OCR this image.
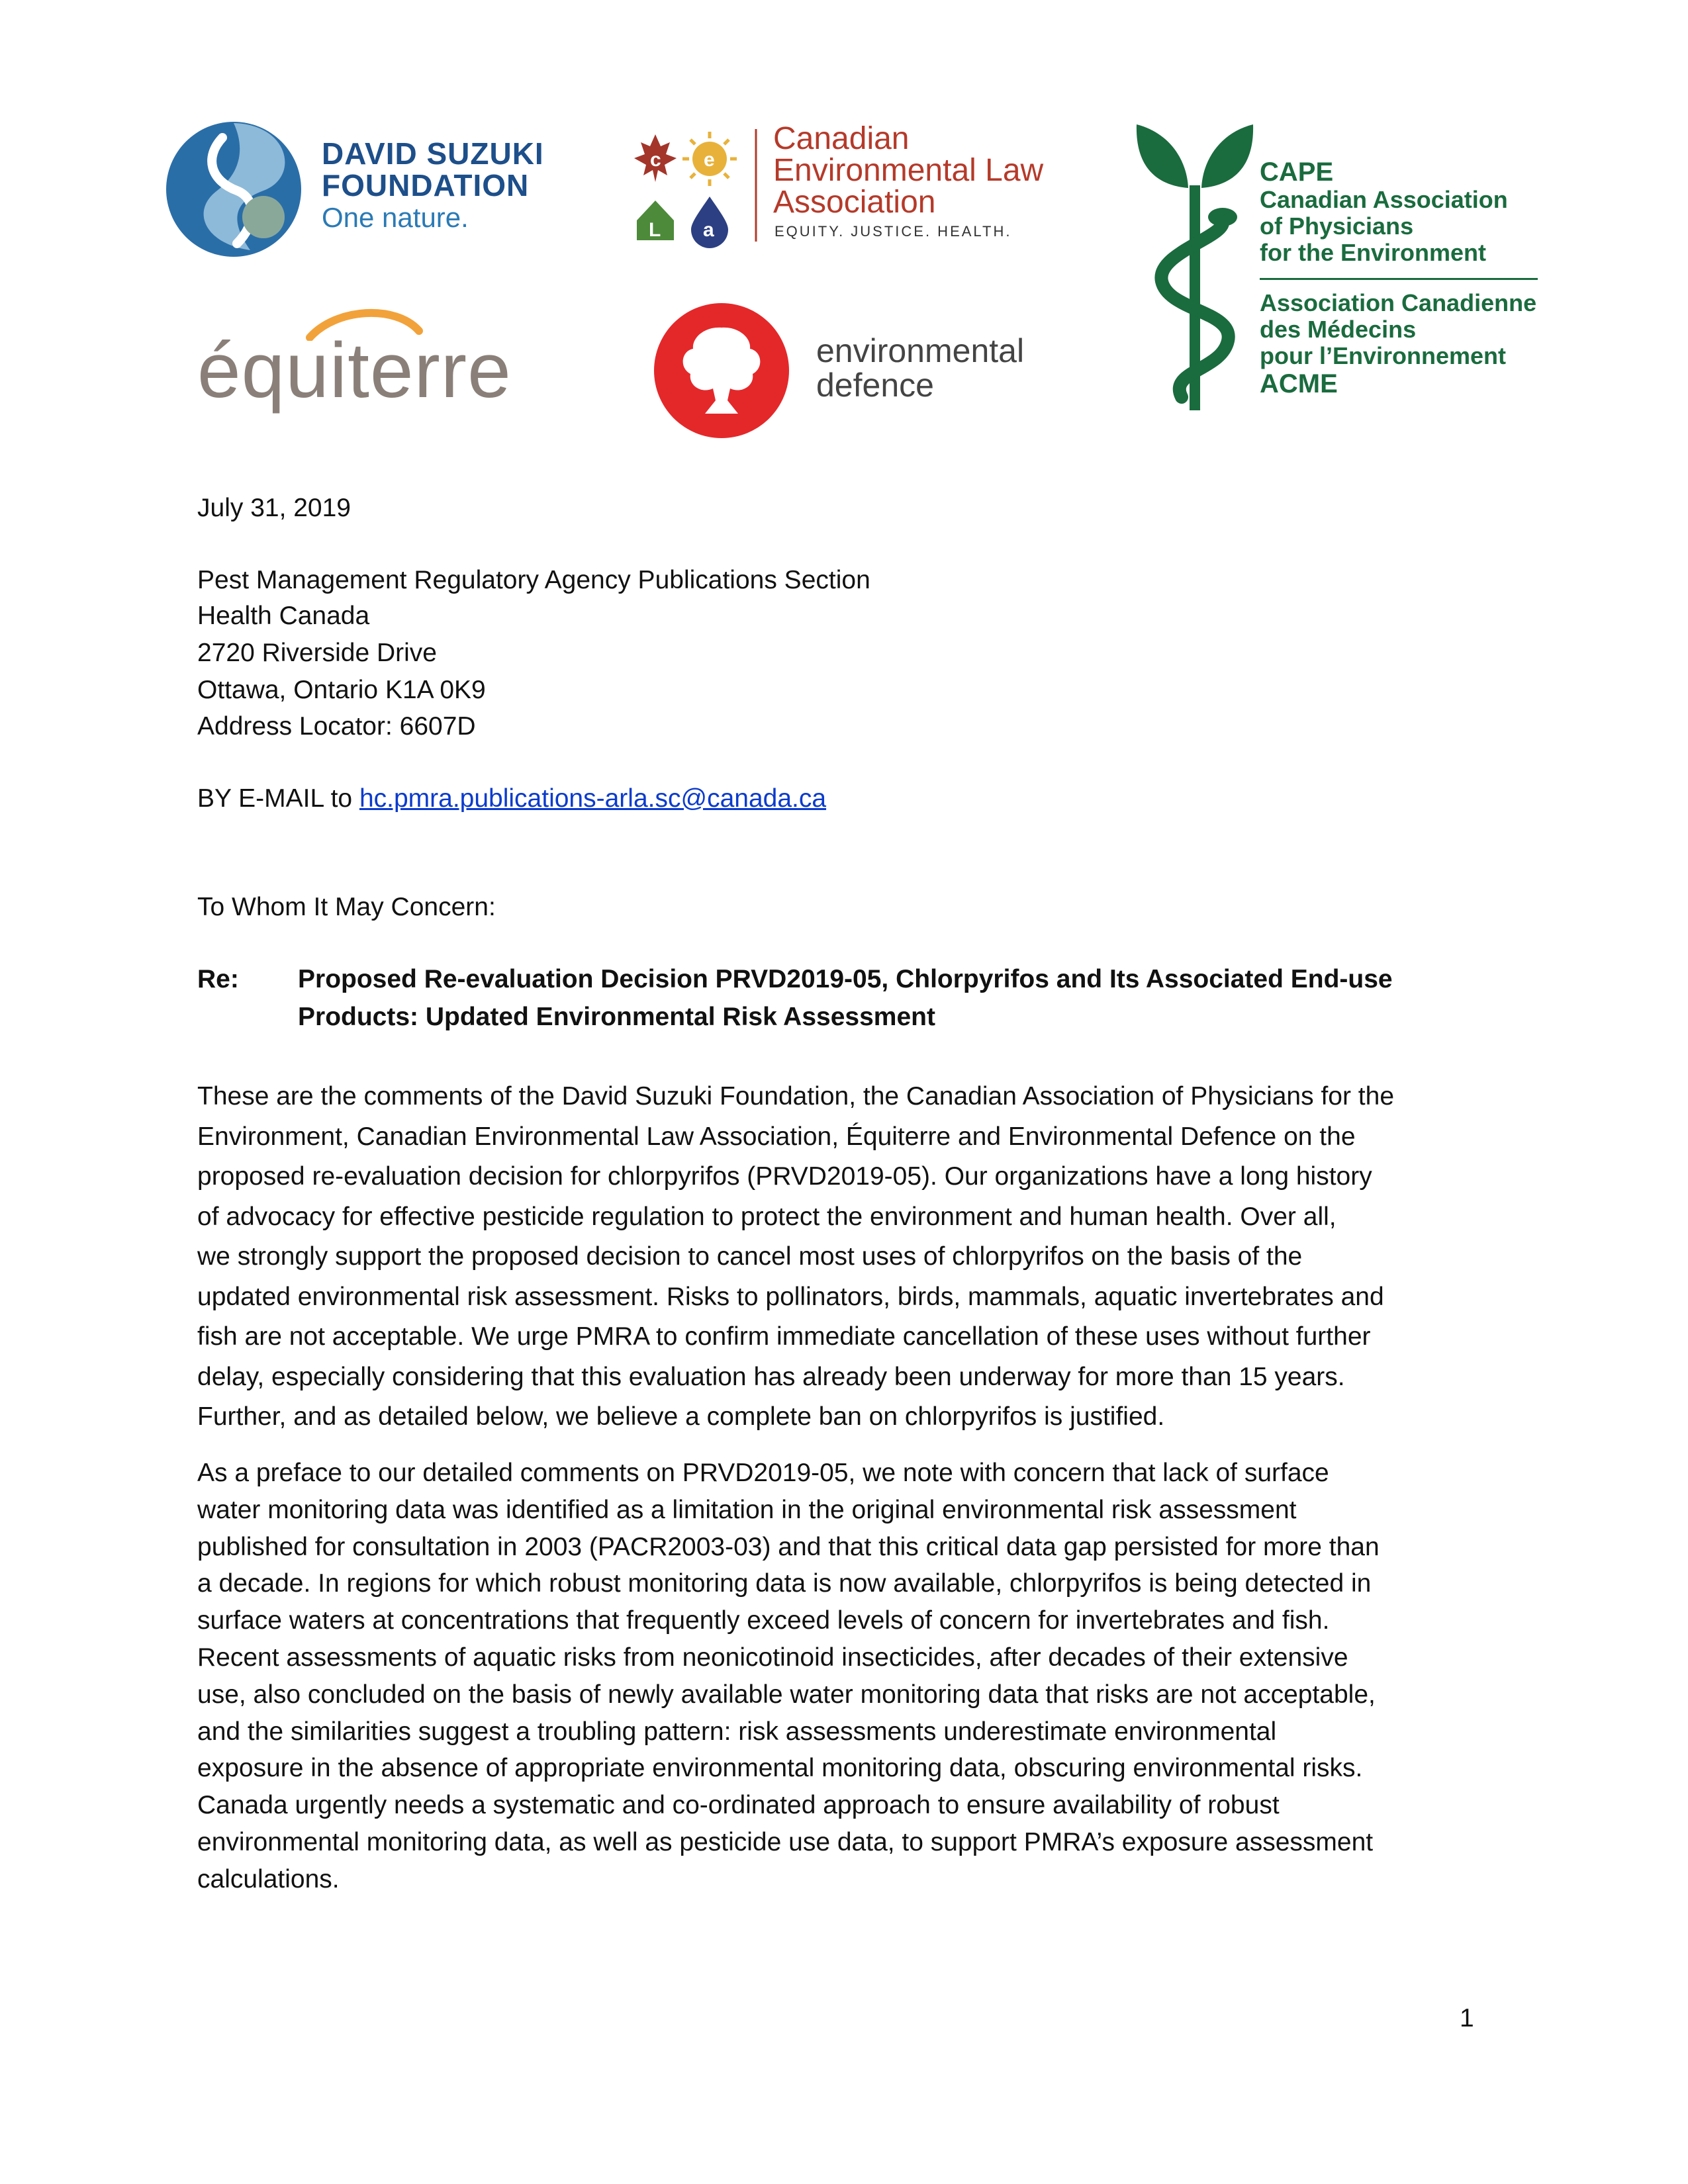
DAVID SUZUKI
FOUNDATION
One nature.
c e
L a
Canadian
Environmental Law
Association
EQUITY. JUSTICE. HEALTH.
CAPE
Canadian Association
of Physicians
for the Environment
Association Canadienne
des Médecins
pour l’Environnement
ACME
équiterre	environmental
defence
July 31, 2019
Pest Management Regulatory Agency Publications Section
Health Canada
2720 Riverside Drive
Ottawa, Ontario K1A 0K9
Address Locator: 6607D
BY E-MAIL to hc.pmra.publications-arla.sc@canada.ca
To Whom It May Concern:
Re: Proposed Re-evaluation Decision PRVD2019-05, Chlorpyrifos and Its Associated End-use
Products: Updated Environmental Risk Assessment
These are the comments of the David Suzuki Foundation, the Canadian Association of Physicians for the
Environment, Canadian Environmental Law Association, Équiterre and Environmental Defence on the
proposed re-evaluation decision for chlorpyrifos (PRVD2019-05). Our organizations have a long history
of advocacy for effective pesticide regulation to protect the environment and human health. Over all,
we strongly support the proposed decision to cancel most uses of chlorpyrifos on the basis of the
updated environmental risk assessment. Risks to pollinators, birds, mammals, aquatic invertebrates and
fish are not acceptable. We urge PMRA to confirm immediate cancellation of these uses without further
delay, especially considering that this evaluation has already been underway for more than 15 years.
Further, and as detailed below, we believe a complete ban on chlorpyrifos is justified.
As a preface to our detailed comments on PRVD2019-05, we note with concern that lack of surface
water monitoring data was identified as a limitation in the original environmental risk assessment
published for consultation in 2003 (PACR2003-03) and that this critical data gap persisted for more than
a decade. In regions for which robust monitoring data is now available, chlorpyrifos is being detected in
surface waters at concentrations that frequently exceed levels of concern for invertebrates and fish.
Recent assessments of aquatic risks from neonicotinoid insecticides, after decades of their extensive
use, also concluded on the basis of newly available water monitoring data that risks are not acceptable,
and the similarities suggest a troubling pattern: risk assessments underestimate environmental
exposure in the absence of appropriate environmental monitoring data, obscuring environmental risks.
Canada urgently needs a systematic and co-ordinated approach to ensure availability of robust
environmental monitoring data, as well as pesticide use data, to support PMRA’s exposure assessment
calculations.
1
